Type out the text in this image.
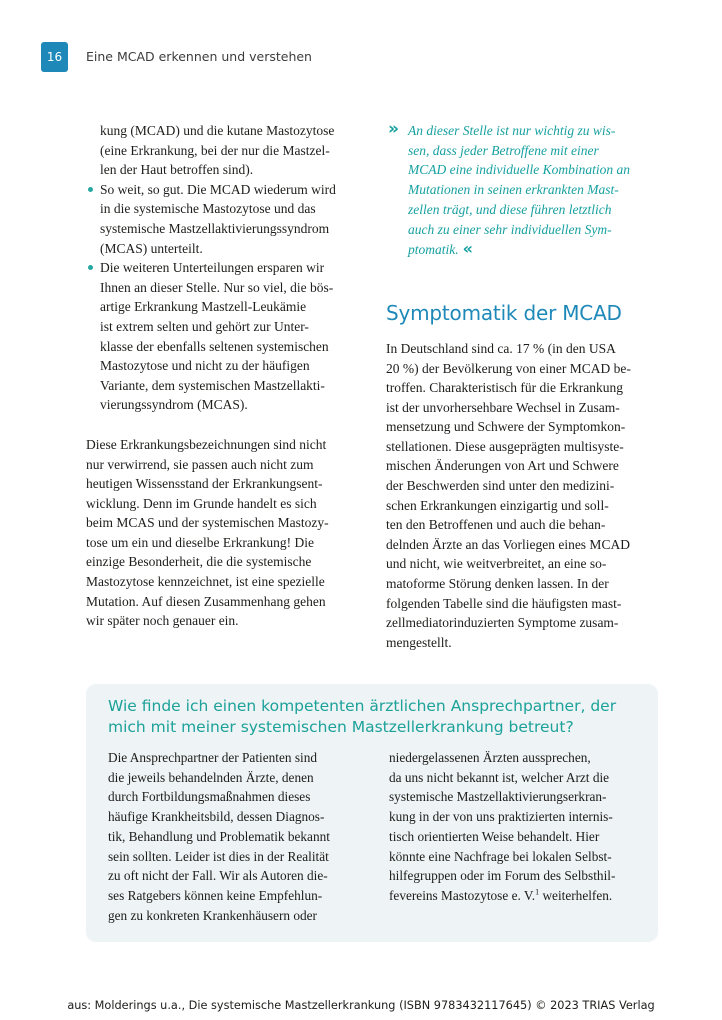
16 Eine MCAD erkennen und verstehen
kung (MCAD) und die kutane Mastozytose
(eine Erkrankung, bei der nur die Mastzel-
len der Haut betroffen sind).
So weit, so gut. Die MCAD wiederum wird
in die systemische Mastozytose und das
systemische Mastzellaktivierungssyndrom
(MCAS) unterteilt.
Die weiteren Unterteilungen ersparen wir
Ihnen an dieser Stelle. Nur so viel, die bös-
artige Erkrankung Mastzell-Leukämie
ist extrem selten und gehört zur Unter-
klasse der ebenfalls seltenen systemischen
Mastozytose und nicht zu der häufigen
Variante, dem systemischen Mastzellakti-
vierungssyndrom (MCAS).
Diese Erkrankungsbezeichnungen sind nicht
nur verwirrend, sie passen auch nicht zum
heutigen Wissensstand der Erkrankungsent-
wicklung. Denn im Grunde handelt es sich
beim MCAS und der systemischen Mastozy-
tose um ein und dieselbe Erkrankung! Die
einzige Besonderheit, die die systemische
Mastozytose kennzeichnet, ist eine spezielle
Mutation. Auf diesen Zusammenhang gehen
wir später noch genauer ein.
» An dieser Stelle ist nur wichtig zu wis-
sen, dass jeder Betroffene mit einer
MCAD eine individuelle Kombination an
Mutationen in seinen erkrankten Mast-
zellen trägt, und diese führen letztlich
auch zu einer sehr individuellen Sym-
ptomatik. «
Symptomatik der MCAD
In Deutschland sind ca. 17 % (in den USA
20 %) der Bevölkerung von einer MCAD be-
troffen. Charakteristisch für die Erkrankung
ist der unvorhersehbare Wechsel in Zusam-
mensetzung und Schwere der Symptomkon-
stellationen. Diese ausgeprägten multisyste-
mischen Änderungen von Art und Schwere
der Beschwerden sind unter den medizini-
schen Erkrankungen einzigartig und soll-
ten den Betroffenen und auch die behan-
delnden Ärzte an das Vorliegen eines MCAD
und nicht, wie weitverbreitet, an eine so-
matoforme Störung denken lassen. In der
folgenden Tabelle sind die häufigsten mast-
zellmediatorinduzierten Symptome zusam-
mengestellt.
Wie finde ich einen kompetenten ärztlichen Ansprechpartner, der
mich mit meiner systemischen Mastzellerkrankung betreut?
Die Ansprechpartner der Patienten sind
die jeweils behandelnden Ärzte, denen
durch Fortbildungsmaßnahmen dieses
häufige Krankheitsbild, dessen Diagnos-
tik, Behandlung und Problematik bekannt
sein sollten. Leider ist dies in der Realität
zu oft nicht der Fall. Wir als Autoren die-
ses Ratgebers können keine Empfehlun-
gen zu konkreten Krankenhäusern oder
niedergelassenen Ärzten aussprechen,
da uns nicht bekannt ist, welcher Arzt die
systemische Mastzellaktivierungserkran-
kung in der von uns praktizierten internis-
tisch orientierten Weise behandelt. Hier
könnte eine Nachfrage bei lokalen Selbst-
hilfegruppen oder im Forum des Selbsthil-
fevereins Mastozytose e. V.$^1$ weiterhelfen.
aus: Molderings u.a., Die systemische Mastzellerkrankung (ISBN 9783432117645) © 2023 TRIAS Verlag
